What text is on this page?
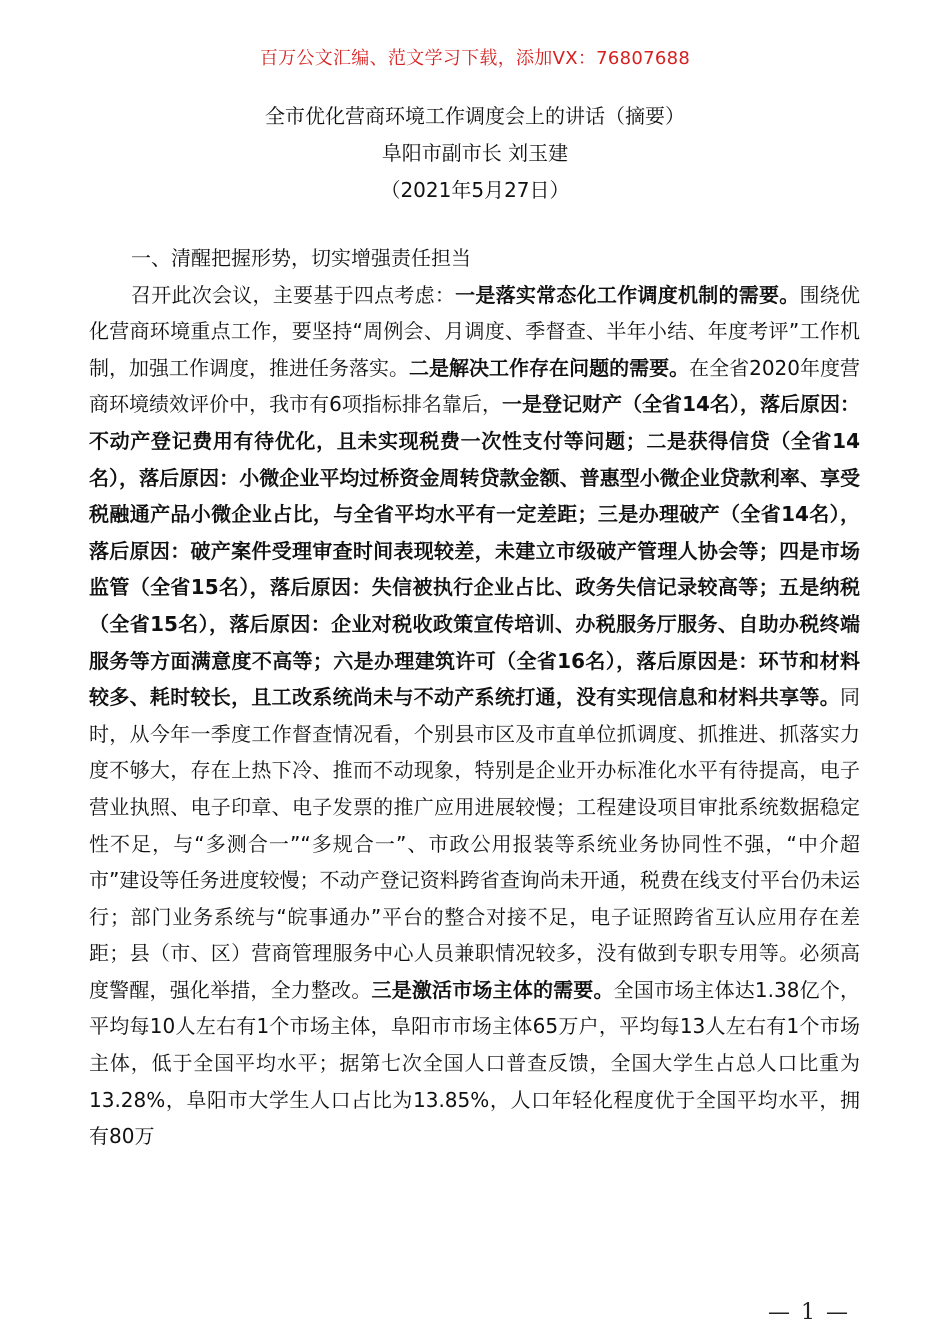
百万公文汇编、范文学习下载，添加VX：76807688
全市优化营商环境工作调度会上的讲话（摘要）
阜阳市副市长 刘玉建
（2021年5月27日）
一、清醒把握形势，切实增强责任担当

召开此次会议，主要基于四点考虑：一是落实常态化工作调度机制的需要。围绕优化营商环境重点工作，要坚持“周例会、月调度、季督查、半年小结、年度考评”工作机制，加强工作调度，推进任务落实。二是解决工作存在问题的需要。在全省2020年度营商环境绩效评价中，我市有6项指标排名靠后，一是登记财产（全省14名），落后原因：不动产登记费用有待优化，且未实现税费一次性支付等问题；二是获得信贷（全省14名），落后原因：小微企业平均过桥资金周转贷款金额、普惠型小微企业贷款利率、享受税融通产品小微企业占比，与全省平均水平有一定差距；三是办理破产（全省14名），落后原因：破产案件受理审查时间表现较差，未建立市级破产管理人协会等；四是市场监管（全省15名），落后原因：失信被执行企业占比、政务失信记录较高等；五是纳税（全省15名），落后原因：企业对税收政策宣传培训、办税服务厅服务、自助办税终端服务等方面满意度不高等；六是办理建筑许可（全省16名），落后原因是：环节和材料较多、耗时较长，且工改系统尚未与不动产系统打通，没有实现信息和材料共享等。同时，从今年一季度工作督查情况看，个别县市区及市直单位抓调度、抓推进、抓落实力度不够大，存在上热下冷、推而不动现象，特别是企业开办标准化水平有待提高，电子营业执照、电子印章、电子发票的推广应用进展较慢；工程建设项目审批系统数据稳定性不足，与“多测合一”“多规合一”、市政公用报装等系统业务协同性不强，“中介超市”建设等任务进度较慢；不动产登记资料跨省查询尚未开通，税费在线支付平台仍未运行；部门业务系统与“皖事通办”平台的整合对接不足，电子证照跨省互认应用存在差距；县（市、区）营商管理服务中心人员兼职情况较多，没有做到专职专用等。必须高度警醒，强化举措，全力整改。三是激活市场主体的需要。全国市场主体达1.38亿个，平均每10人左右有1个市场主体，阜阳市市场主体65万户，平均每13人左右有1个市场主体，低于全国平均水平；据第七次全国人口普查反馈，全国大学生占总人口比重为13.28%，阜阳市大学生人口占比为13.85%，人口年轻化程度优于全国平均水平，拥有80万

— 1 —
